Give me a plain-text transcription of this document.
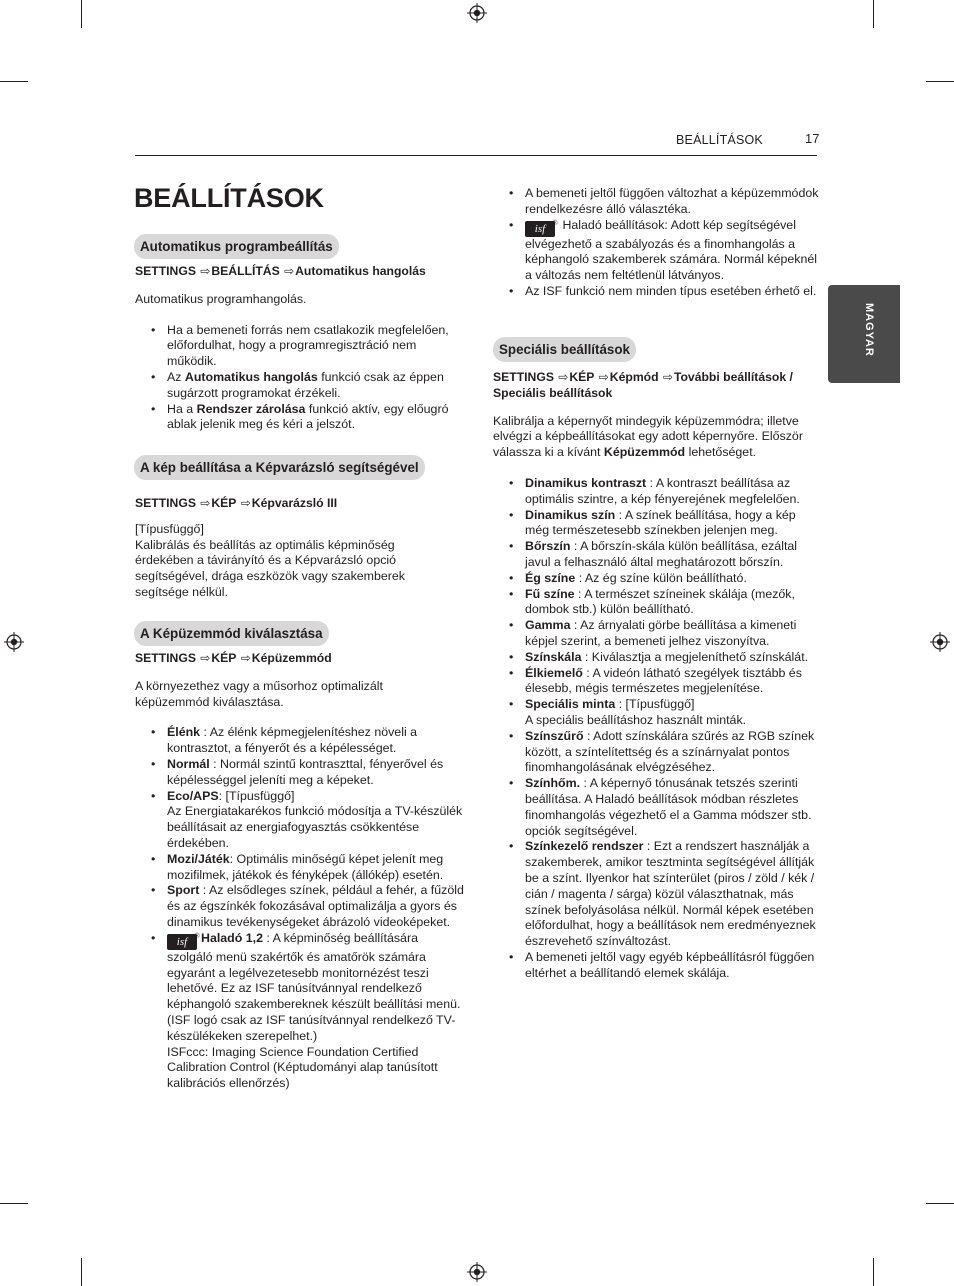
BEÁLLÍTÁSOK	17
MAGYAR
BEÁLLÍTÁSOK
Automatikus programbeállítás

SETTINGS ⇨BEÁLLÍTÁS ⇨Automatikus hangolás

Automatikus programhangolás.

• Ha a bemeneti forrás nem csatlakozik megfelelően, előfordulhat, hogy a programregisztráció nem működik.
• Az Automatikus hangolás funkció csak az éppen sugárzott programokat érzékeli.
• Ha a Rendszer zárolása funkció aktív, egy előugró ablak jelenik meg és kéri a jelszót.
A kép beállítása a Képvarázsló segítségével

SETTINGS ⇨KÉP ⇨Képvarázsló III

[Típusfüggő]

Kalibrálás és beállítás az optimális képminőség érdekében a távirányító és a Képvarázsló opció segítségével, drága eszközök vagy szakemberek segítsége nélkül.

A Képüzemmód kiválasztása

SETTINGS ⇨KÉP ⇨Képüzemmód

A környezethez vagy a műsorhoz optimalizált képüzemmód kiválasztása.

• Élénk : Az élénk képmegjelenítéshez növeli a kontrasztot, a fényerőt és a képélességet.
• Normál : Normál szintű kontraszttal, fényerővel és képélességgel jeleníti meg a képeket.
• Eco/APS: [Típusfüggő]
Az Energiatakarékos funkció módosítja a TV-készülék beállításait az energiafogyasztás csökkentése érdekében.
• Mozi/Játék: Optimális minőségű képet jelenít meg mozifilmek, játékok és fényképek (állókép) esetén.
• Sport : Az elsődleges színek, például a fehér, a fűzöld és az égszínkék fokozásával optimalizálja a gyors és dinamikus tevékenységeket ábrázoló videoképeket.
• isf ® Haladó 1,2 : A képminőség beállítására szolgáló menü szakértők és amatőrök számára egyaránt a legélvezetesebb monitornézést teszi lehetővé. Ez az ISF tanúsítvánnyal rendelkező képhangoló szakembereknek készült beállítási menü. (ISF logó csak az ISF tanúsítvánnyal rendelkező TV-készülékeken szerepelhet.)
ISFccc: Imaging Science Foundation Certified Calibration Control (Képtudományi alap tanúsított kalibrációs ellenőrzés)
• A bemeneti jeltől függően változhat a képüzemmódok rendelkezésre álló választéka.
• isf ® Haladó beállítások: Adott kép segítségével elvégezhető a szabályozás és a finomhangolás a képhangoló szakemberek számára. Normál képeknél a változás nem feltétlenül látványos.
• Az ISF funkció nem minden típus esetében érhető el.
Speciális beállítások

SETTINGS ⇨KÉP ⇨Képmód ⇨További beállítások / Speciális beállítások

Kalibrálja a képernyőt mindegyik képüzemmódra; illetve elvégzi a képbeállításokat egy adott képernyőre. Először válassza ki a kívánt Képüzemmód lehetőséget.

• Dinamikus kontraszt : A kontraszt beállítása az optimális szintre, a kép fényerejének megfelelően.
• Dinamikus szín : A színek beállítása, hogy a kép még természetesebb színekben jelenjen meg.
• Bőrszín : A bőrszín-skála külön beállítása, ezáltal javul a felhasználó által meghatározott bőrszín.
• Ég színe : Az ég színe külön beállítható.
• Fű színe : A természet színeinek skálája (mezők, dombok stb.) külön beállítható.
• Gamma : Az árnyalati görbe beállítása a kimeneti képjel szerint, a bemeneti jelhez viszonyítva.
• Színskála : Kiválasztja a megjeleníthető színskálát.
• Élkiemelő : A videón látható szegélyek tisztább és élesebb, mégis természetes megjelenítése.
• Speciális minta : [Típusfüggő]
A speciális beállításhoz használt minták.
• Színszűrő : Adott színskálára szűrés az RGB színek között, a színtelítettség és a színárnyalat pontos finomhangolásának elvégzéséhez.
• Színhőm. : A képernyő tónusának tetszés szerinti beállítása. A Haladó beállítások módban részletes finomhangolás végezhető el a Gamma módszer stb. opciók segítségével.
• Színkezelő rendszer : Ezt a rendszert használják a szakemberek, amikor tesztminta segítségével állítják be a színt. Ilyenkor hat színterület (piros / zöld / kék / cián / magenta / sárga) közül választhatnak, más színek befolyásolása nélkül. Normál képek esetében előfordulhat, hogy a beállítások nem eredményeznek észrevehető színváltozást.
• A bemeneti jeltől vagy egyéb képbeállításról függően eltérhet a beállítandó elemek skálája.
